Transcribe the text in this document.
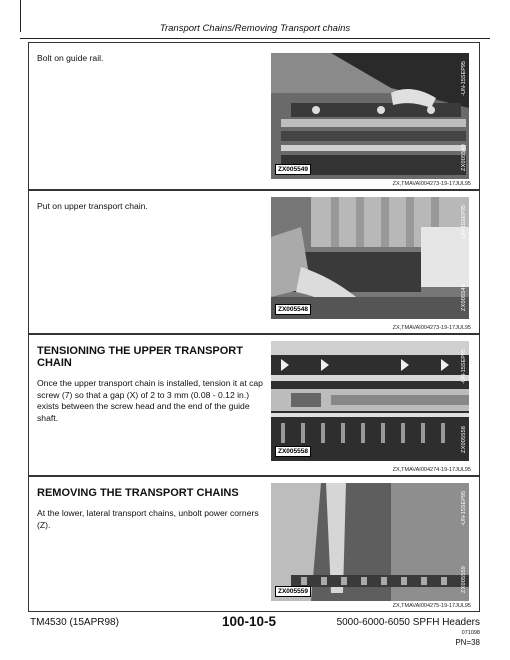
Transport Chains/Removing Transport chains

Bolt on guide rail.

ZX005549
-UN-15SEP95
ZX005549
ZX,TMAVAI004273-19-17JUL95

Put on upper transport chain.

ZX005548
-UN-15SEP95
ZX005548
ZX,TMAVAI004273-19-17JUL95
TENSIONING THE UPPER TRANSPORT CHAIN

Once the upper transport chain is installed, tension it at cap screw (7) so that a gap (X) of 2 to 3 mm (0.08 - 0.12 in.) exists between the screw head and the end of the guide shaft.

ZX005558
-UN-15SEP95
ZX005558
ZX,TMAVAI004274-19-17JUL95
REMOVING THE TRANSPORT CHAINS

At the lower, lateral transport chains, unbolt power corners (Z).

ZX005559
-UN-15SEP95
ZX005559
ZX,TMAVAI004275-19-17JUL95
TM4530 (15APR98)	100-10-5	5000-6000-6050 SPFH Headers
071098
PN=38
